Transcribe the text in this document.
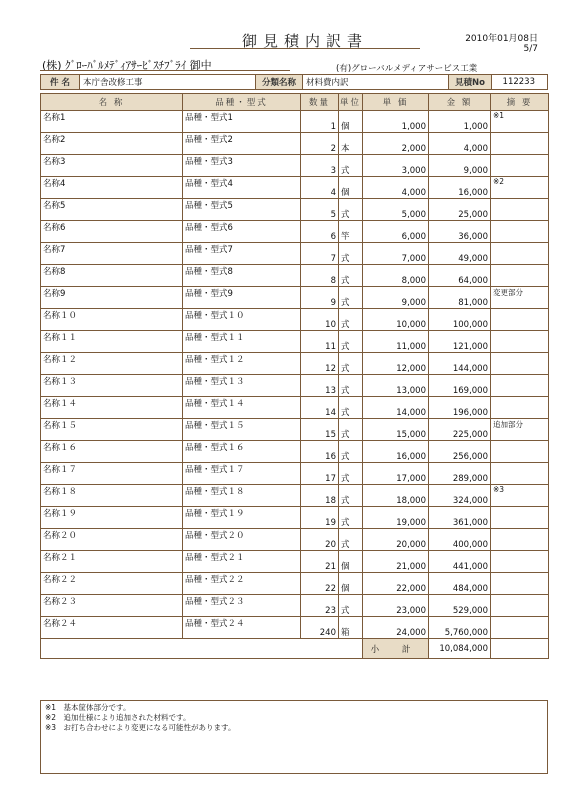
御見積内訳書	2010年01月08日
5/7
(株) ｸﾞﾛｰﾊﾞﾙﾒﾃﾞｨｱｻｰﾋﾞｽﾁﾌﾞﾗｲ 御中	(有)グローバルメディアサービス工業
件 名	本庁舎改修工事	分類名称	材料費内訳	見積No	112233
名 称	品種・型式	数量	単位	単 価	金 額	摘 要
名称1	品種・型式1	1	個	1,000	1,000	※1
名称2	品種・型式2	2	本	2,000	4,000	
名称3	品種・型式3	3	式	3,000	9,000	
名称4	品種・型式4	4	個	4,000	16,000	※2
名称5	品種・型式5	5	式	5,000	25,000	
名称6	品種・型式6	6	竿	6,000	36,000	
名称7	品種・型式7	7	式	7,000	49,000	
名称8	品種・型式8	8	式	8,000	64,000	
名称9	品種・型式9	9	式	9,000	81,000	変更部分
名称１０	品種・型式１０	10	式	10,000	100,000	
名称１１	品種・型式１１	11	式	11,000	121,000	
名称１２	品種・型式１２	12	式	12,000	144,000	
名称１３	品種・型式１３	13	式	13,000	169,000	
名称１４	品種・型式１４	14	式	14,000	196,000	
名称１５	品種・型式１５	15	式	15,000	225,000	追加部分
名称１６	品種・型式１６	16	式	16,000	256,000	
名称１７	品種・型式１７	17	式	17,000	289,000	
名称１８	品種・型式１８	18	式	18,000	324,000	※3
名称１９	品種・型式１９	19	式	19,000	361,000	
名称２０	品種・型式２０	20	式	20,000	400,000	
名称２１	品種・型式２１	21	個	21,000	441,000	
名称２２	品種・型式２２	22	個	22,000	484,000	
名称２３	品種・型式２３	23	式	23,000	529,000	
名称２４	品種・型式２４	240	箱	24,000	5,760,000	
				小 計	10,084,000	
※1　基本筐体部分です。
※2　追加仕様により追加された材料です。
※3　お打ち合わせにより変更になる可能性があります。
